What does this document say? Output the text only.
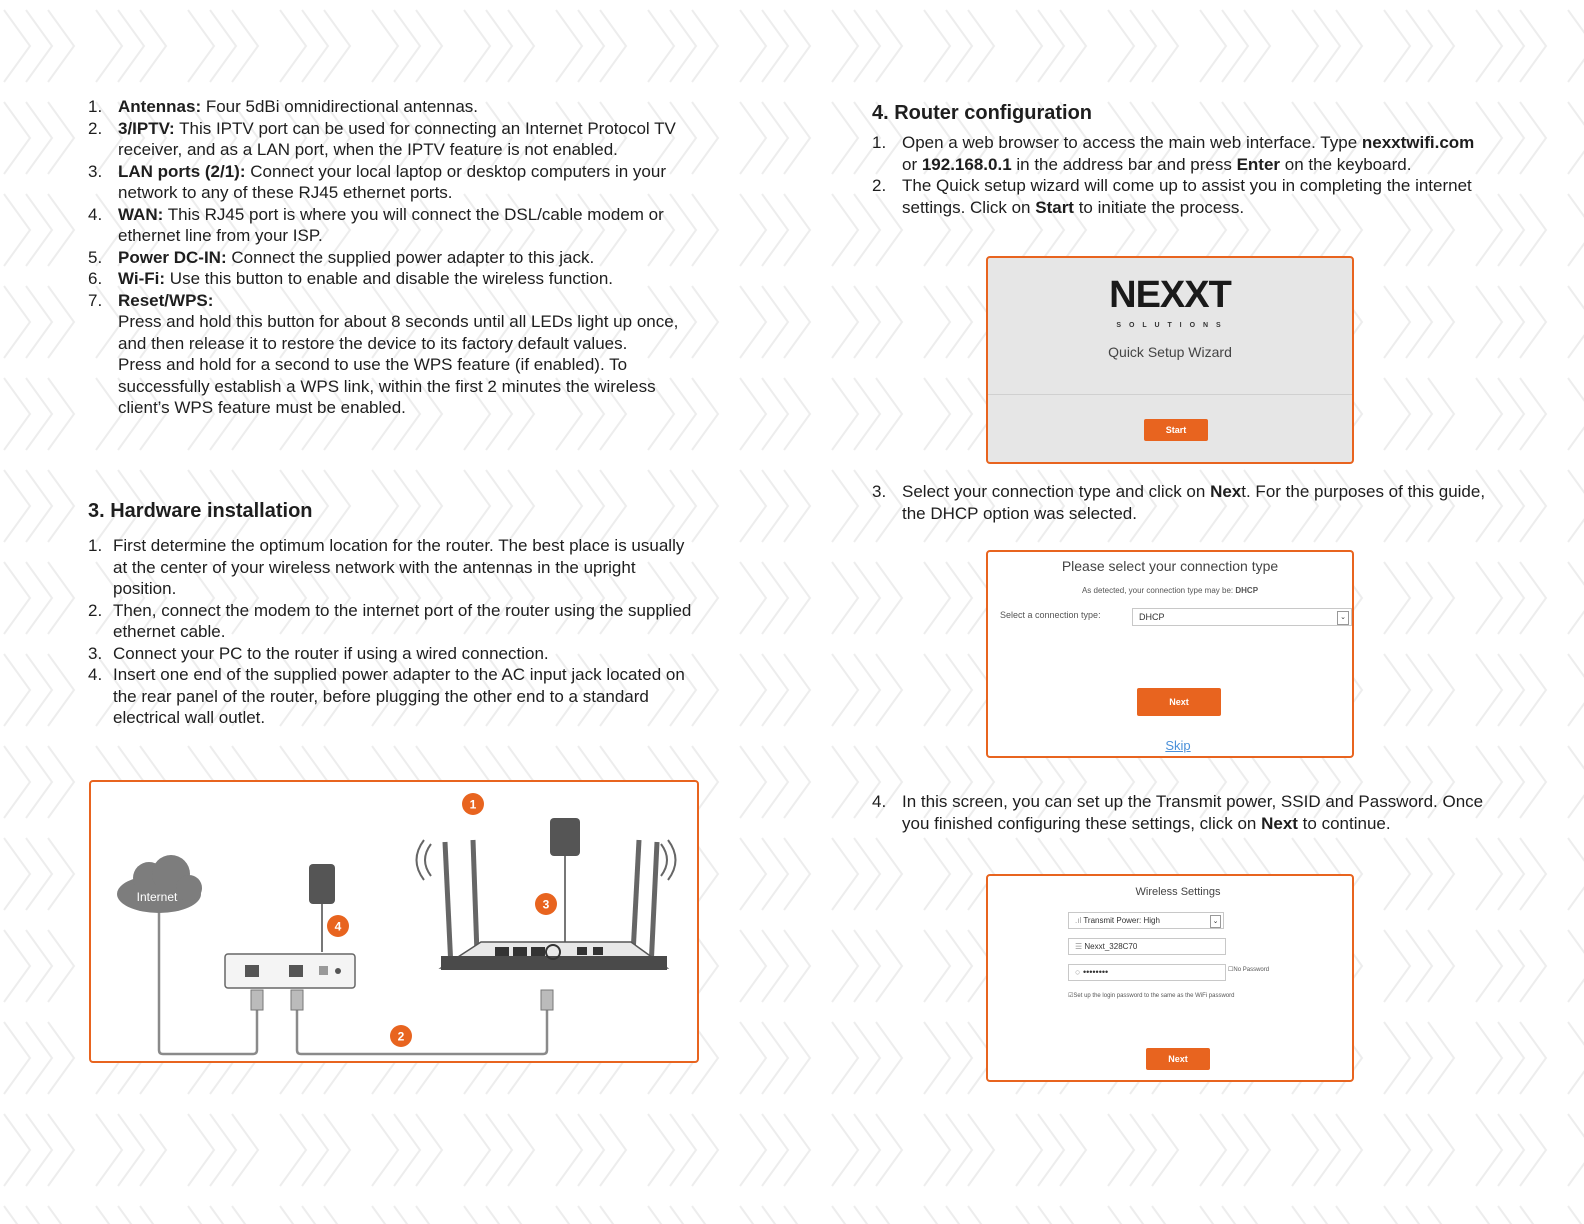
1. Antennas: Four 5dBi omnidirectional antennas.
2. 3/IPTV: This IPTV port can be used for connecting an Internet Protocol TV receiver, and as a LAN port, when the IPTV feature is not enabled.
3. LAN ports (2/1): Connect your local laptop or desktop computers in your network to any of these RJ45 ethernet ports.
4. WAN: This RJ45 port is where you will connect the DSL/cable modem or ethernet line from your ISP.
5. Power DC-IN: Connect the supplied power adapter to this jack.
6. Wi-Fi: Use this button to enable and disable the wireless function.
7. Reset/WPS:

Press and hold this button for about 8 seconds until all LEDs light up once, and then release it to restore the device to its factory default values.

Press and hold for a second to use the WPS feature (if enabled). To successfully establish a WPS link, within the first 2 minutes the wireless client’s WPS feature must be enabled.

3. Hardware installation
1. First determine the optimum location for the router. The best place is usually at the center of your wireless network with the antennas in the upright position.
2. Then, connect the modem to the internet port of the router using the supplied ethernet cable.
3. Connect your PC to the router if using a wired connection.
4. Insert one end of the supplied power adapter to the AC input jack located on the rear panel of the router, before plugging the other end to a standard electrical wall outlet.
Internet
1
2
3
4
4. Router configuration
1. Open a web browser to access the main web interface. Type nexxtwifi.com or 192.168.0.1 in the address bar and press Enter on the keyboard.
2. The Quick setup wizard will come up to assist you in completing the internet settings. Click on Start to initiate the process.
3. Select your connection type and click on Next. For the purposes of this guide, the DHCP option was selected.
4. In this screen, you can set up the Transmit power, SSID and Password. Once you finished configuring these settings, click on Next to continue.
NEXXT
S O L U T I O N S
Quick Setup Wizard
Start
Please select your connection type
As detected, your connection type may be: DHCP
Select a connection type:	DHCP	⌄
Next
Skip
Wireless Settings
.ıl Transmit Power: High	⌄
☰ Nexxt_328C70
○ ••••••••	☐No Password
☑Set up the login password to the same as the WiFi password
Next
